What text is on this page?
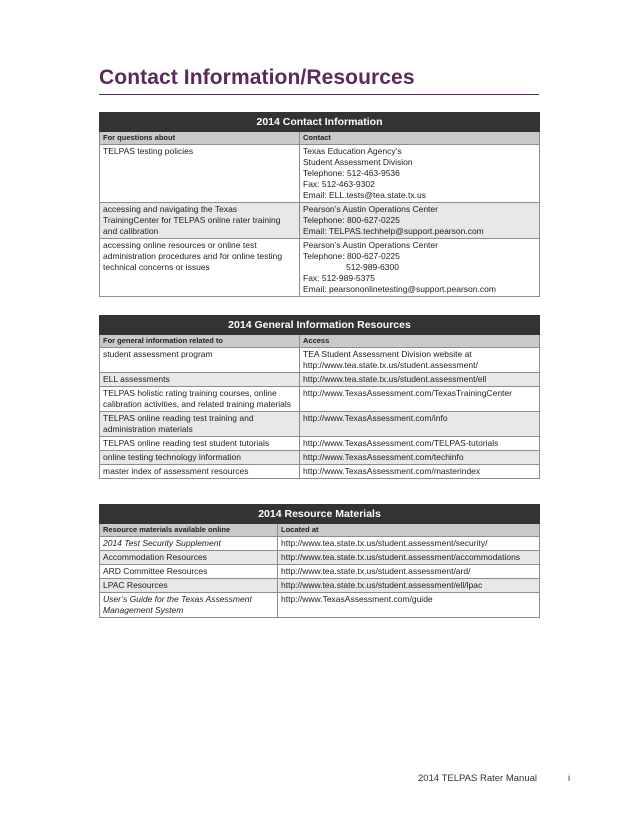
Contact Information/Resources
2014 Contact Information	
For questions about	Contact

TELPAS testing policies	Texas Education Agency’s
Student Assessment Division
Telephone: 512-463-9536
Fax: 512-463-9302
Email: ELL.tests@tea.state.tx.us

accessing and navigating the Texas
TrainingCenter for TELPAS online rater training
and calibration	Pearson’s Austin Operations Center
Telephone: 800-627-0225
Email: TELPAS.techhelp@support.pearson.com

accessing online resources or online test
administration procedures and for online testing
technical concerns or issues	Pearson’s Austin Operations Center
Telephone: 800-627-0225
512-989-6300
Fax: 512-989-5375
Email: pearsononlinetesting@support.pearson.com
2014 General Information Resources	
For general information related to	Access

student assessment program	TEA Student Assessment Division website at
http://www.tea.state.tx.us/student.assessment/

ELL assessments	http://www.tea.state.tx.us/student.assessment/ell

TELPAS holistic rating training courses, online
calibration activities, and related training materials	http://www.TexasAssessment.com/TexasTrainingCenter

TELPAS online reading test training and
administration materials	http://www.TexasAssessment.com/info

TELPAS online reading test student tutorials	http://www.TexasAssessment.com/TELPAS-tutorials

online testing technology information	http://www.TexasAssessment.com/techinfo

master index of assessment resources	http://www.TexasAssessment.com/masterindex
2014 Resource Materials	
Resource materials available online	Located at

2014 Test Security Supplement	http://www.tea.state.tx.us/student.assessment/security/

Accommodation Resources	http://www.tea.state.tx.us/student.assessment/accommodations

ARD Committee Resources	http://www.tea.state.tx.us/student.assessment/ard/

LPAC Resources	http://www.tea.state.tx.us/student.assessment/ell/lpac

User’s Guide for the Texas Assessment
Management System	http://www.TexasAssessment.com/guide
2014 TELPAS Rater Manual	i
